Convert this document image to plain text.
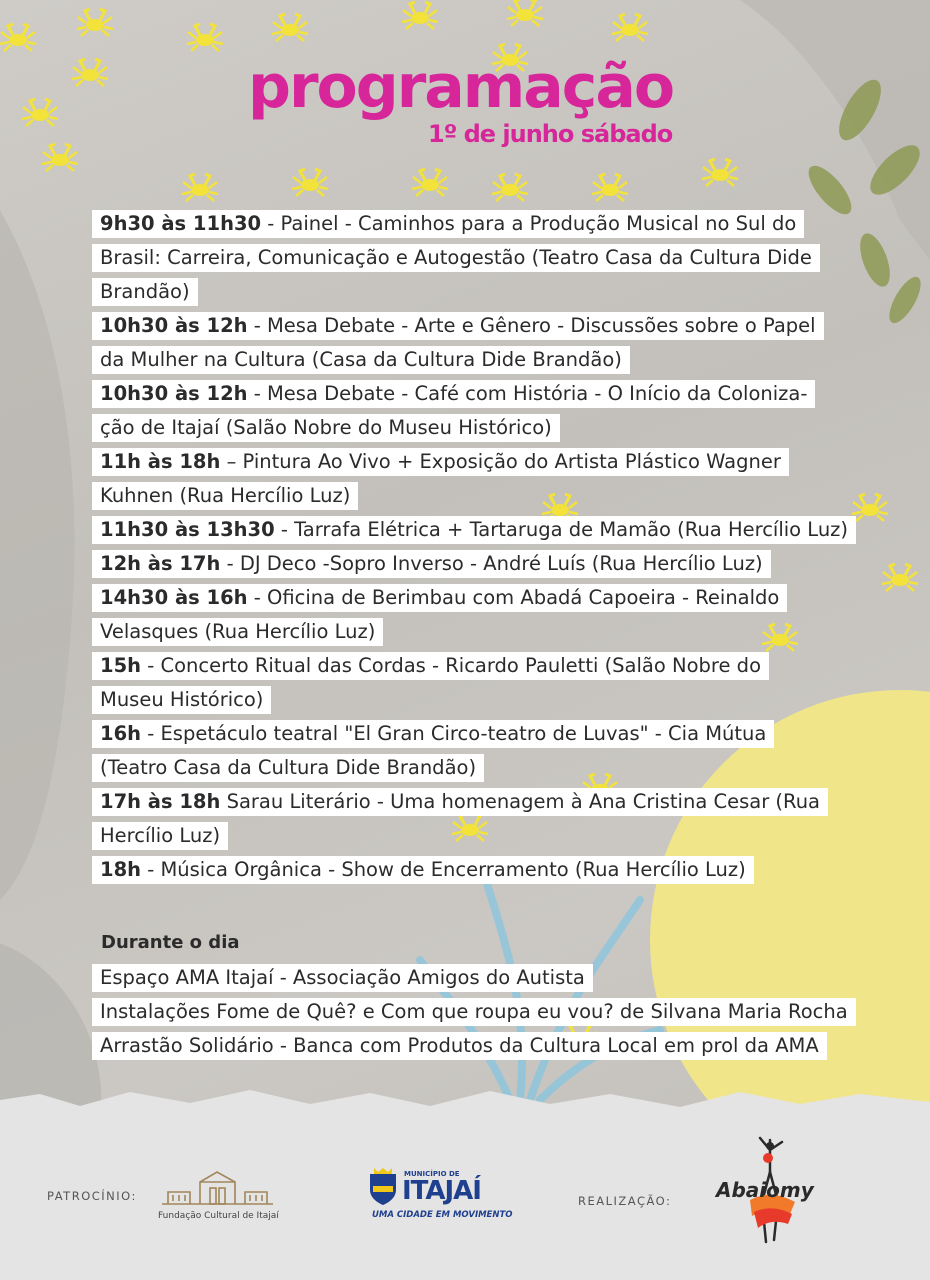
programação
1º de junho sábado
9h30 às 11h30 - Painel - Caminhos para a Produção Musical no Sul do
Brasil: Carreira, Comunicação e Autogestão (Teatro Casa da Cultura Dide
Brandão)
10h30 às 12h - Mesa Debate - Arte e Gênero - Discussões sobre o Papel
da Mulher na Cultura (Casa da Cultura Dide Brandão)
10h30 às 12h - Mesa Debate - Café com História - O Início da Coloniza-
ção de Itajaí (Salão Nobre do Museu Histórico)
11h às 18h – Pintura Ao Vivo + Exposição do Artista Plástico Wagner
Kuhnen (Rua Hercílio Luz)
11h30 às 13h30 - Tarrafa Elétrica + Tartaruga de Mamão (Rua Hercílio Luz)
12h às 17h - DJ Deco -Sopro Inverso - André Luís (Rua Hercílio Luz)
14h30 às 16h - Oficina de Berimbau com Abadá Capoeira - Reinaldo
Velasques (Rua Hercílio Luz)
15h - Concerto Ritual das Cordas - Ricardo Pauletti (Salão Nobre do
Museu Histórico)
16h - Espetáculo teatral "El Gran Circo-teatro de Luvas" - Cia Mútua
(Teatro Casa da Cultura Dide Brandão)
17h às 18h Sarau Literário - Uma homenagem à Ana Cristina Cesar (Rua
Hercílio Luz)
18h - Música Orgânica - Show de Encerramento (Rua Hercílio Luz)
Durante o dia
Espaço AMA Itajaí - Associação Amigos do Autista
Instalações Fome de Quê? e Com que roupa eu vou? de Silvana Maria Rocha
Arrastão Solidário - Banca com Produtos da Cultura Local em prol da AMA
PATROCÍNIO:
Fundação Cultural de Itajaí
MUNICÍPIO DE
ITAJAÍ
UMA CIDADE EM MOVIMENTO
REALIZAÇÃO: Abaiomy
